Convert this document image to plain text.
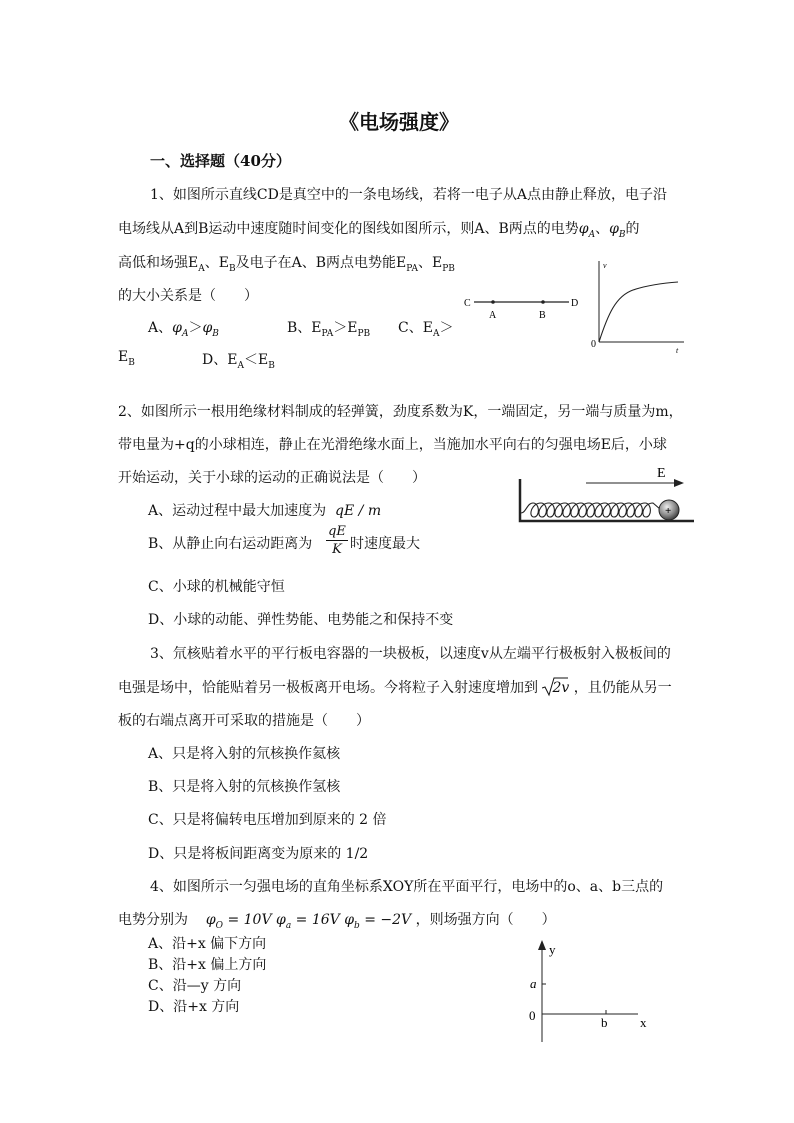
《电场强度》
一、选择题（40分）
1、如图所示直线CD是真空中的一条电场线，若将一电子从A点由静止释放，电子沿
电场线从A到B运动中速度随时间变化的图线如图所示，则A、B两点的电势$\varphi_A$、$\varphi_B$的
高低和场强$E_A$、$E_B$及电子在A、B两点电势能$E_{PA}$、$E_{PB}$
的大小关系是（　　）
A、$\varphi_A>\varphi_B$	B、$E_{PA}>E_{PB}$ C、$E_A>$
$E_B$	D、$E_A<E_B$
C	D
A	B
v
0
t
2、如图所示一根用绝缘材料制成的轻弹簧，劲度系数为K，一端固定，另一端与质量为m，
带电量为+q的小球相连，静止在光滑绝缘水面上，当施加水平向右的匀强电场E后，小球
开始运动，关于小球的运动的正确说法是（　　）
A、运动过程中最大加速度为 qE / m
B、从静止向右运动距离为 $\frac{qE}{K}$ 时速度最大
C、小球的机械能守恒
D、小球的动能、弹性势能、电势能之和保持不变
E
+
3、氘核贴着水平的平行板电容器的一块极板，以速度v从左端平行极板射入极板间的
电强是场中，恰能贴着另一极板离开电场。今将粒子入射速度增加到 2v ，且仍能从另一
板的右端点离开可采取的措施是（　　）
A、只是将入射的氘核换作氦核
B、只是将入射的氘核换作氢核
C、只是将偏转电压增加到原来的 2 倍
D、只是将板间距离变为原来的 1/2
4、如图所示一匀强电场的直角坐标系XOY所在平面平行，电场中的o、a、b三点的
电势分别为 $\varphi_O = 10V$ $\varphi_a = 16V$ $\varphi_b = -2V$ ，则场强方向（　　）
A、沿+x 偏下方向
B、沿+x 偏上方向
C、沿—y 方向
D、沿+x 方向
y
a
0	b	x
